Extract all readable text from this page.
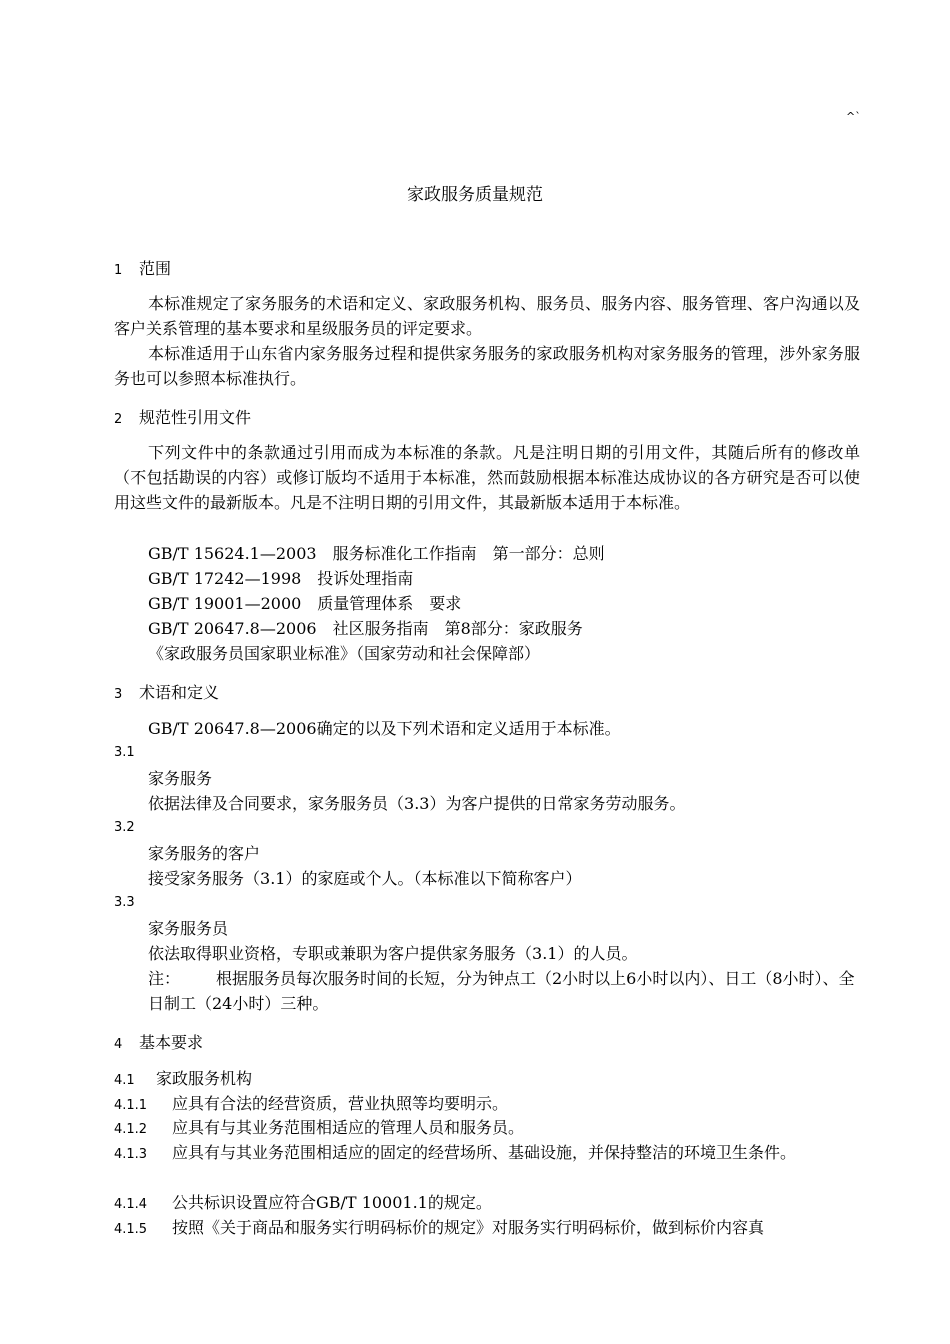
^`
家政服务质量规范
1 范围
本标准规定了家务服务的术语和定义、家政服务机构、服务员、服务内容、服务管理、客户沟通以及客户关系管理的基本要求和星级服务员的评定要求。
本标准适用于山东省内家务服务过程和提供家务服务的家政服务机构对家务服务的管理，涉外家务服务也可以参照本标准执行。
2 规范性引用文件
下列文件中的条款通过引用而成为本标准的条款。凡是注明日期的引用文件，其随后所有的修改单（不包括勘误的内容）或修订版均不适用于本标准，然而鼓励根据本标准达成协议的各方研究是否可以使用这些文件的最新版本。凡是不注明日期的引用文件，其最新版本适用于本标准。
GB/T 15624.1—2003　服务标准化工作指南　第一部分：总则
GB/T 17242—1998　投诉处理指南
GB/T 19001—2000　质量管理体系　要求
GB/T 20647.8—2006　社区服务指南　第8部分：家政服务
《家政服务员国家职业标准》（国家劳动和社会保障部）
3 术语和定义
GB/T 20647.8—2006确定的以及下列术语和定义适用于本标准。
3.1
家务服务
依据法律及合同要求，家务服务员（3.3）为客户提供的日常家务劳动服务。
3.2
家务服务的客户
接受家务服务（3.1）的家庭或个人。（本标准以下简称客户）
3.3
家务服务员
依法取得职业资格，专职或兼职为客户提供家务服务（3.1）的人员。
注： 根据服务员每次服务时间的长短，分为钟点工（2小时以上6小时以内）、日工（8小时）、全日制工（24小时）三种。
4 基本要求
4.1 家政服务机构
4.1.1 应具有合法的经营资质，营业执照等均要明示。
4.1.2 应具有与其业务范围相适应的管理人员和服务员。
4.1.3 应具有与其业务范围相适应的固定的经营场所、基础设施，并保持整洁的环境卫生条件。
4.1.4 公共标识设置应符合GB/T 10001.1的规定。
4.1.5 按照《关于商品和服务实行明码标价的规定》对服务实行明码标价，做到标价内容真
